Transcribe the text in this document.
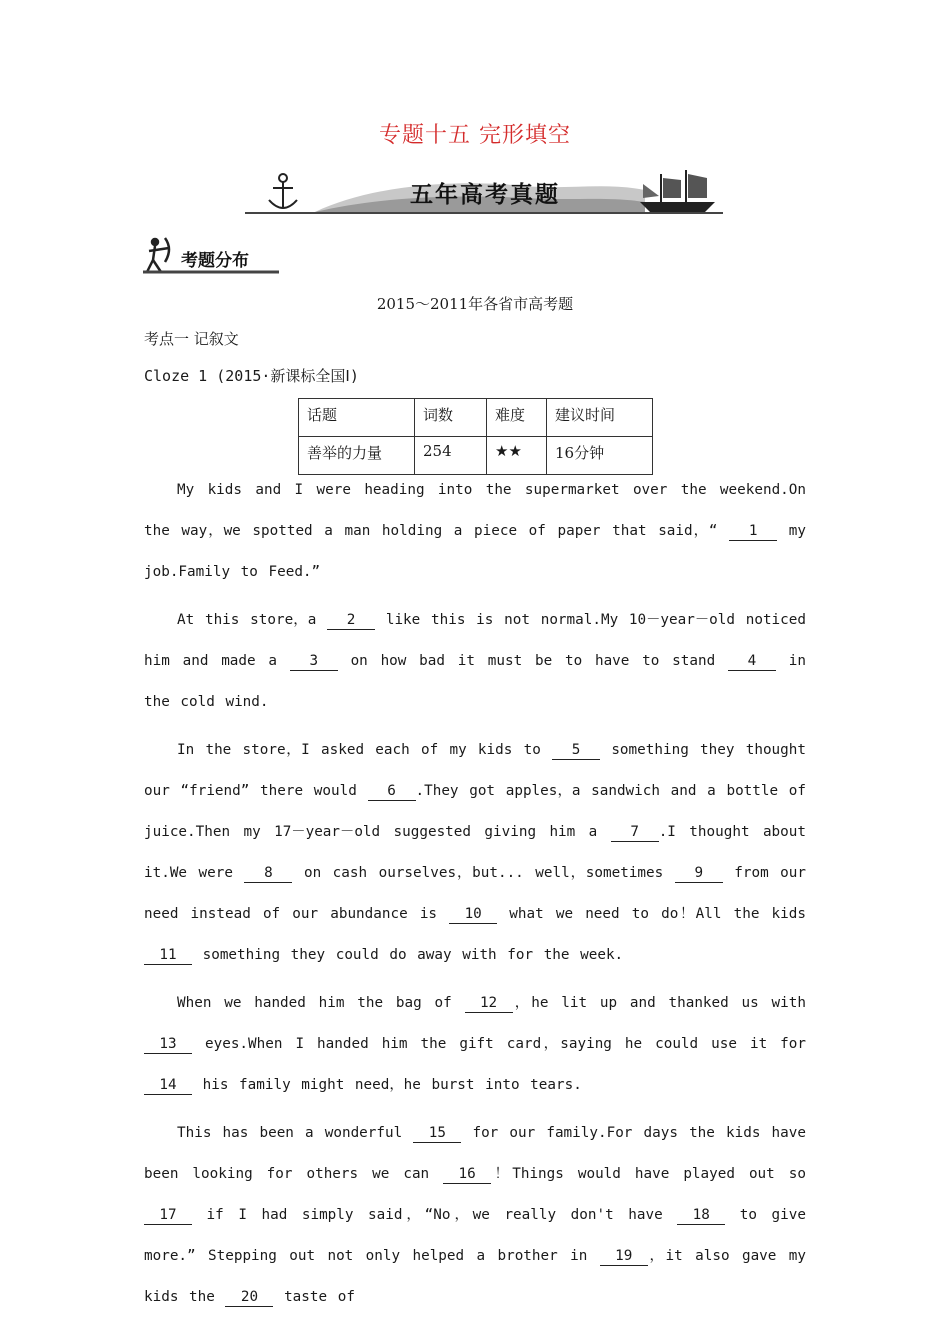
专题十五 完形填空
五年高考真题
考题分布
2015～2011年各省市高考题
考点一 记叙文
Cloze 1 (2015·新课标全国Ⅰ)
话题	词数	难度	建议时间
善举的力量	254	★★	16分钟

My kids and I were heading into the supermarket over the weekend.On the way，we spotted a man holding a piece of paper that said，“ 1 my job.Family to Feed.”

At this store，a 2 like this is not normal.My 10－year－old noticed him and made a 3 on how bad it must be to have to stand 4 in the cold wind.

In the store，I asked each of my kids to 5 something they thought our “friend” there would 6 .They got apples，a sandwich and a bottle of juice.Then my 17－year－old suggested giving him a 7 .I thought about it.We were 8 on cash ourselves，but... well，sometimes 9 from our need instead of our abundance is 10 what we need to do！All the kids 11 something they could do away with for the week.

When we handed him the bag of 12 ，he lit up and thanked us with 13 eyes.When I handed him the gift card，saying he could use it for 14 his family might need，he burst into tears.

This has been a wonderful 15 for our family.For days the kids have been looking for others we can 16 ！Things would have played out so 17 if I had simply said，“No，we really don't have 18 to give more.” Stepping out not only helped a brother in 19 ，it also gave my kids the 20 taste of
